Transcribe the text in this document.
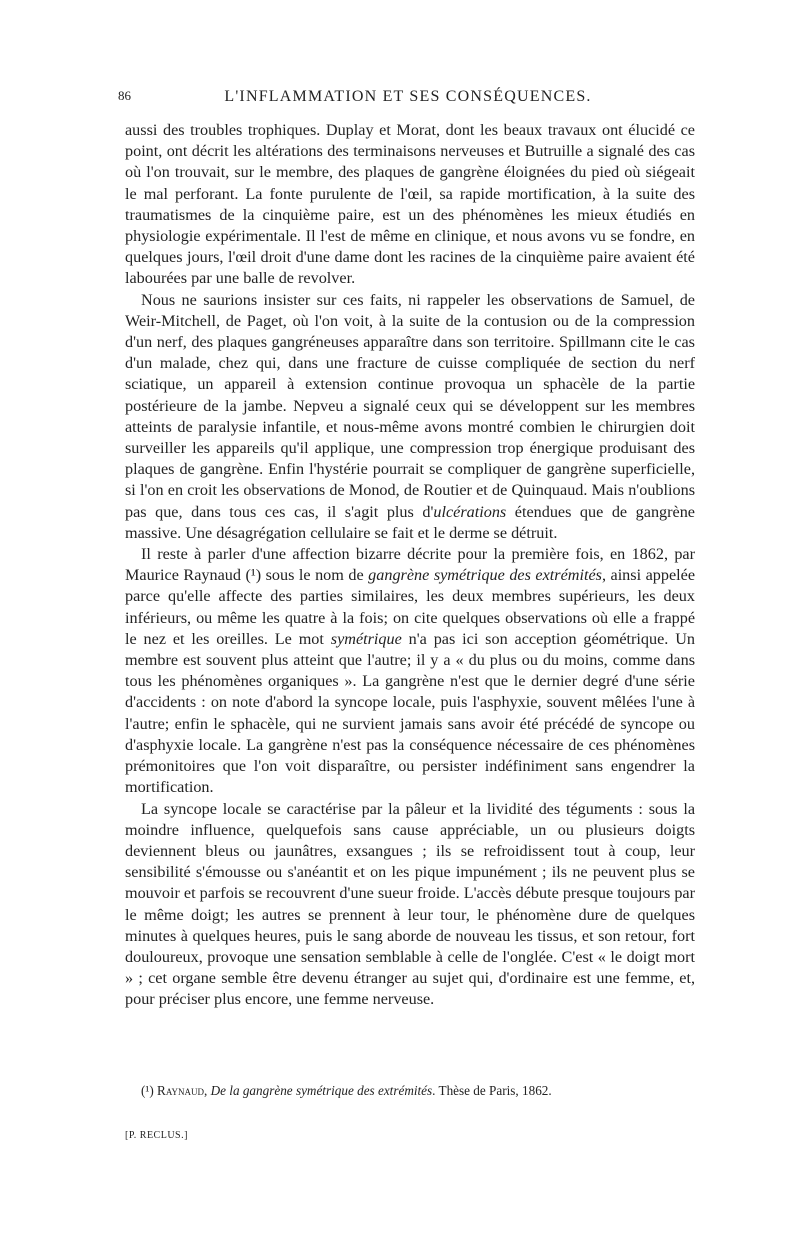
86	L'INFLAMMATION ET SES CONSÉQUENCES.

aussi des troubles trophiques. Duplay et Morat, dont les beaux travaux ont élucidé ce point, ont décrit les altérations des terminaisons nerveuses et Butruille a signalé des cas où l'on trouvait, sur le membre, des plaques de gangrène éloignées du pied où siégeait le mal perforant. La fonte purulente de l'œil, sa rapide mortification, à la suite des traumatismes de la cinquième paire, est un des phénomènes les mieux étudiés en physiologie expérimentale. Il l'est de même en clinique, et nous avons vu se fondre, en quelques jours, l'œil droit d'une dame dont les racines de la cinquième paire avaient été labourées par une balle de revolver.

Nous ne saurions insister sur ces faits, ni rappeler les observations de Samuel, de Weir-Mitchell, de Paget, où l'on voit, à la suite de la contusion ou de la compression d'un nerf, des plaques gangréneuses apparaître dans son territoire. Spillmann cite le cas d'un malade, chez qui, dans une fracture de cuisse compliquée de section du nerf sciatique, un appareil à extension continue provoqua un sphacèle de la partie postérieure de la jambe. Nepveu a signalé ceux qui se développent sur les membres atteints de paralysie infantile, et nous-même avons montré combien le chirurgien doit surveiller les appareils qu'il applique, une compression trop énergique produisant des plaques de gangrène. Enfin l'hystérie pourrait se compliquer de gangrène superficielle, si l'on en croit les observations de Monod, de Routier et de Quinquaud. Mais n'oublions pas que, dans tous ces cas, il s'agit plus d'ulcérations étendues que de gangrène massive. Une désagrégation cellulaire se fait et le derme se détruit.

Il reste à parler d'une affection bizarre décrite pour la première fois, en 1862, par Maurice Raynaud (¹) sous le nom de gangrène symétrique des extrémités, ainsi appelée parce qu'elle affecte des parties similaires, les deux membres supérieurs, les deux inférieurs, ou même les quatre à la fois; on cite quelques observations où elle a frappé le nez et les oreilles. Le mot symétrique n'a pas ici son acception géométrique. Un membre est souvent plus atteint que l'autre; il y a « du plus ou du moins, comme dans tous les phénomènes organiques ». La gangrène n'est que le dernier degré d'une série d'accidents : on note d'abord la syncope locale, puis l'asphyxie, souvent mêlées l'une à l'autre; enfin le sphacèle, qui ne survient jamais sans avoir été précédé de syncope ou d'asphyxie locale. La gangrène n'est pas la conséquence nécessaire de ces phénomènes prémonitoires que l'on voit disparaître, ou persister indéfiniment sans engendrer la mortification.

La syncope locale se caractérise par la pâleur et la lividité des téguments : sous la moindre influence, quelquefois sans cause appréciable, un ou plusieurs doigts deviennent bleus ou jaunâtres, exsangues ; ils se refroidissent tout à coup, leur sensibilité s'émousse ou s'anéantit et on les pique impunément ; ils ne peuvent plus se mouvoir et parfois se recouvrent d'une sueur froide. L'accès débute presque toujours par le même doigt; les autres se prennent à leur tour, le phénomène dure de quelques minutes à quelques heures, puis le sang aborde de nouveau les tissus, et son retour, fort douloureux, provoque une sensation semblable à celle de l'onglée. C'est « le doigt mort » ; cet organe semble être devenu étranger au sujet qui, d'ordinaire est une femme, et, pour préciser plus encore, une femme nerveuse.

(¹) Raynaud, De la gangrène symétrique des extrémités. Thèse de Paris, 1862.
[P. RECLUS.]
